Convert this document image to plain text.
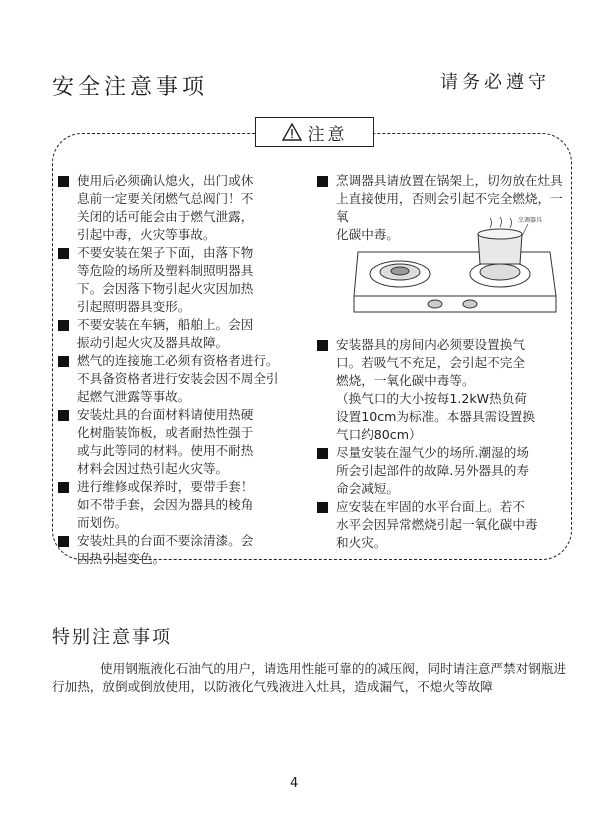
安全注意事项	请务必遵守
注意
使用后必须确认熄火，出门或休
息前一定要关闭燃气总阀门！不
关闭的话可能会由于燃气泄露，
引起中毒，火灾等事故。
不要安装在架子下面，由落下物
等危险的场所及塑料制照明器具
下。会因落下物引起火灾因加热
引起照明器具变形。
不要安装在车辆，船舶上。会因
振动引起火灾及器具故障。
燃气的连接施工必须有资格者进行。
不具备资格者进行安装会因不周全引
起燃气泄露等事故。
安装灶具的台面材料请使用热硬
化树脂装饰板，或者耐热性强于
或与此等同的材料。使用不耐热
材料会因过热引起火灾等。
进行维修或保养时，要带手套！
如不带手套，会因为器具的棱角
而划伤。
安装灶具的台面不要涂清漆。会
因热引起变色。
烹调器具请放置在锅架上，切勿放在灶具上直接使用，否则会引起不完全燃烧，一氧
化碳中毒。
安装器具的房间内必须要设置换气
口。若吸气不充足，会引起不完全
燃烧，一氧化碳中毒等。
（换气口的大小按每1.2kW热负荷
设置10cm为标准。本器具需设置换
气口约80cm）
尽量安装在湿气少的场所.潮湿的场
所会引起部件的故障.另外器具的寿
命会减短。
应安装在牢固的水平台面上。若不
水平会因异常燃烧引起一氧化碳中毒
和火灾。
烹调器具
特别注意事项
使用钢瓶液化石油气的用户，请选用性能可靠的的减压阀，同时请注意严禁对钢瓶进行加热，放倒或倒放使用，以防液化气残液进入灶具，造成漏气，不熄火等故障
4
